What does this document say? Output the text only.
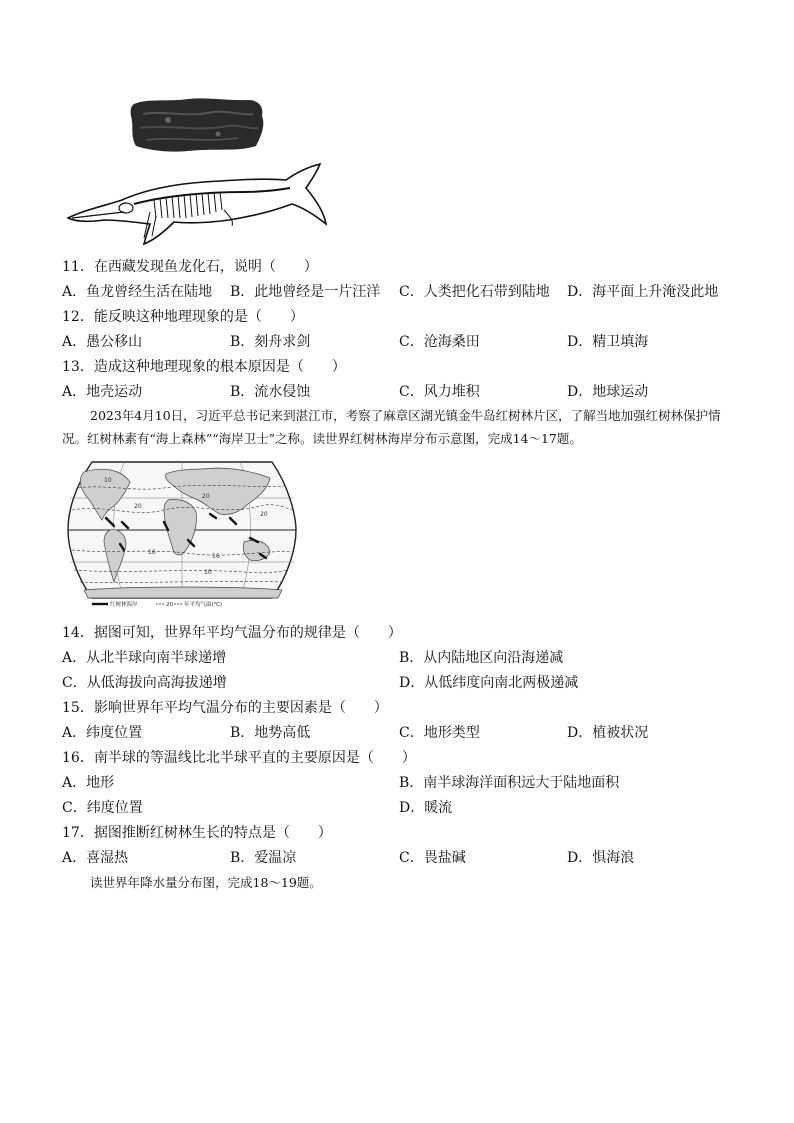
11．在西藏发现鱼龙化石，说明（　　）
A．鱼龙曾经生活在陆地 B．此地曾经是一片汪洋 C．人类把化石带到陆地 D．海平面上升淹没此地
12．能反映这种地理现象的是（　　）
A．愚公移山	B．刻舟求剑	C．沧海桑田	D．精卫填海
13．造成这种地理现象的根本原因是（　　）
A．地壳运动	B．流水侵蚀	C．风力堆积	D．地球运动
2023年4月10日，习近平总书记来到湛江市，考察了麻章区湖光镇金牛岛红树林片区，了解当地加强红树林保护情况。红树林素有“海上森林”“海岸卫士”之称。读世界红树林海岸分布示意图，完成14～17题。
20
20
16
16
10
10
20
红树林海岸	20 年平均气温(℃)
14．据图可知，世界年平均气温分布的规律是（　　）
A．从北半球向南半球递增	B．从内陆地区向沿海递减
C．从低海拔向高海拔递增	D．从低纬度向南北两极递减
15．影响世界年平均气温分布的主要因素是（　　）
A．纬度位置	B．地势高低	C．地形类型	D．植被状况
16．南半球的等温线比北半球平直的主要原因是（　　）
A．地形	B．南半球海洋面积远大于陆地面积
C．纬度位置	D．暖流
17．据图推断红树林生长的特点是（　　）
A．喜湿热	B．爱温凉	C．畏盐碱	D．惧海浪
读世界年降水量分布图，完成18～19题。
